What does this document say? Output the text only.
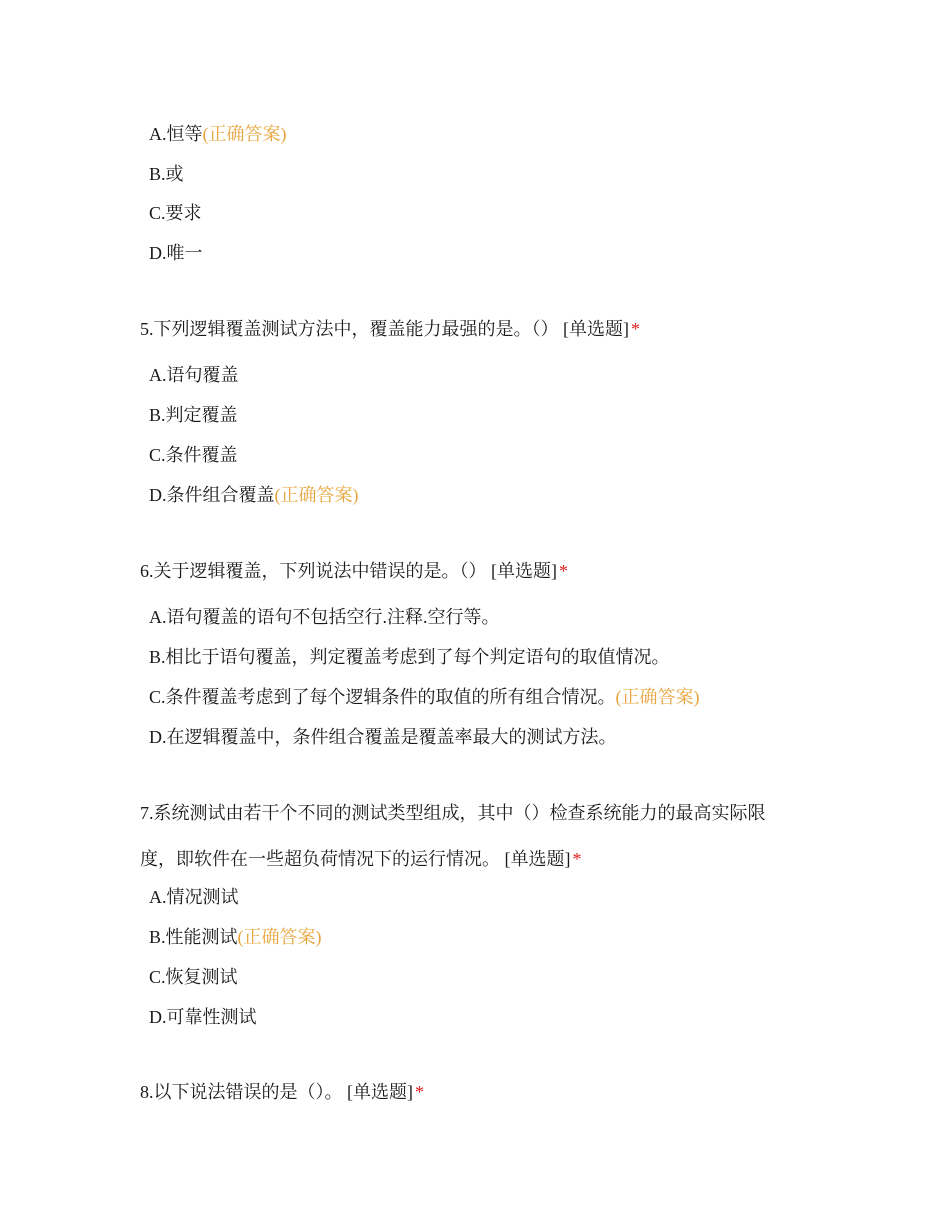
A.恒等(正确答案)
B.或
C.要求
D.唯一
5.下列逻辑覆盖测试方法中，覆盖能力最强的是。（） [单选题] *
A.语句覆盖
B.判定覆盖
C.条件覆盖
D.条件组合覆盖(正确答案)
6.关于逻辑覆盖，下列说法中错误的是。（） [单选题] *
A.语句覆盖的语句不包括空行.注释.空行等。
B.相比于语句覆盖，判定覆盖考虑到了每个判定语句的取值情况。
C.条件覆盖考虑到了每个逻辑条件的取值的所有组合情况。(正确答案)
D.在逻辑覆盖中，条件组合覆盖是覆盖率最大的测试方法。
7.系统测试由若干个不同的测试类型组成，其中（）检查系统能力的最高实际限
度，即软件在一些超负荷情况下的运行情况。 [单选题] *
A.情况测试
B.性能测试(正确答案)
C.恢复测试
D.可靠性测试
8.以下说法错误的是（）。 [单选题] *
